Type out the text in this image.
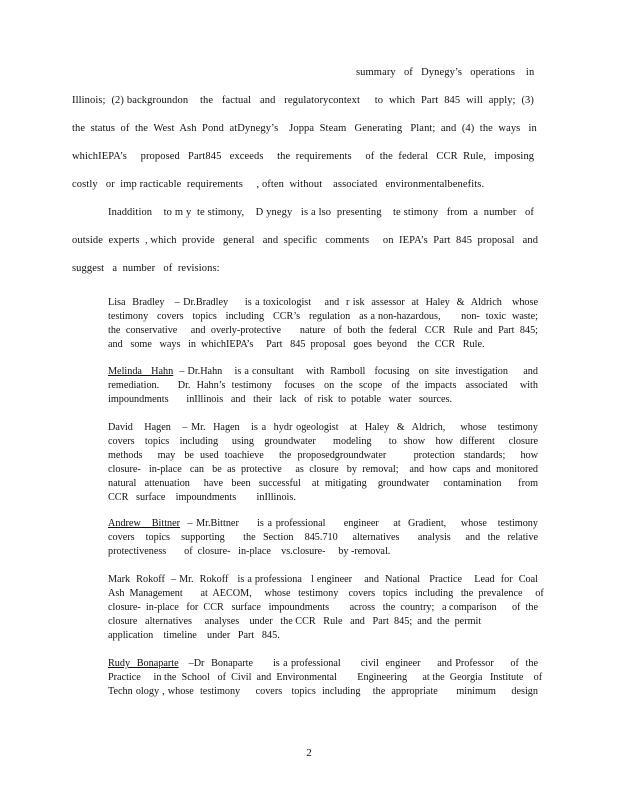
summary   of   Dynegy’s   operations    in
Illinois;  (2) backgroundon    the   factual   and   regulatorycontext     to  which  Part  845  will  apply;  (3)
the  status  of  the  West  Ash  Pond  atDynegy’s    Joppa  Steam   Generating   Plant;  and  (4)  the  ways   in
whichIEPA’s     proposed   Part845   exceeds     the  requirements     of  the  federal   CCR  Rule,   imposing
costly   or  imp racticable  requirements     , often  without    associated   environmentalbenefits.
Inaddition    to m y  te stimony,    D ynegy   is a lso  presenting    te stimony   from  a  number   of
outside  experts  , which  provide   general   and  specific   comments     on  IEPA’s  Part  845  proposal   and
suggest   a  number   of  revisions:
Lisa  Bradley   – Dr.Bradley     is a toxicologist    and  r isk  assessor  at  Haley  &  Aldrich   whose
testimony   covers   topics   including   CCR’s   regulation   as a non-hazardous,       non-  toxic  waste;
the  conservative     and  overly-protective       nature   of  both  the  federal   CCR   Rule  and  Part  845;
and   some   ways   in  whichIEPA’s     Part   845  proposal   goes  beyond    the  CCR   Rule.
Melinda   Hahn  – Dr.Hahn    is a consultant    with  Ramboll   focusing   on  site  investigation     and
remediation.      Dr.  Hahn’s  testimony    focuses   on  the  scope   of  the  impacts   associated    with
impoundments       inIllinois   and   their   lack   of  risk  to  potable   water   sources.
David   Hagen   – Mr.  Hagen   is a  hydr ogeologist   at  Haley  &  Aldrich,    whose   testimony
covers   topics   including    using   groundwater     modeling     to  show   how  different    closure
methods     may   be  used  toachieve     the  proposedgroundwater         protection   standards;     how
closure-   in-place   can   be  as  protective     as  closure   by  removal;    and  how  caps  and  monitored
natural   attenuation     have   been   successful    at  mitigating    groundwater     contamination      from
CCR   surface    impoundments        inIllinois.
Andrew   Bittner  – Mr.Bittner     is a professional     engineer    at  Gradient,    whose   testimony
covers   topics   supporting     the  Section   845.710    alternatives     analysis    and  the  relative
protectiveness       of  closure-   in-place    vs.closure-     by -removal.
Mark  Rokoff  – Mr.  Rokoff   is a professiona   l engineer    and  National   Practice    Lead  for  Coal
Ash  Management       at  AECOM,     whose   testimony    covers   topics   including   the  prevalence     of
closure-  in-place   for  CCR   surface   impoundments        across   the  country;   a comparison      of  the
closure   alternatives     analyses    under   the CCR   Rule   and   Part  845;  and  the  permit
application    timeline    under   Part   845.
Rudy  Bonaparte   –Dr  Bonaparte      is a professional      civil  engineer     and Professor     of  the
Practice     in the  School   of  Civil  and  Environmental        Engineering      at the  Georgia   Institute    of
Techn ology , whose  testimony     covers   topics  including    the  appropriate      minimum     design
2
